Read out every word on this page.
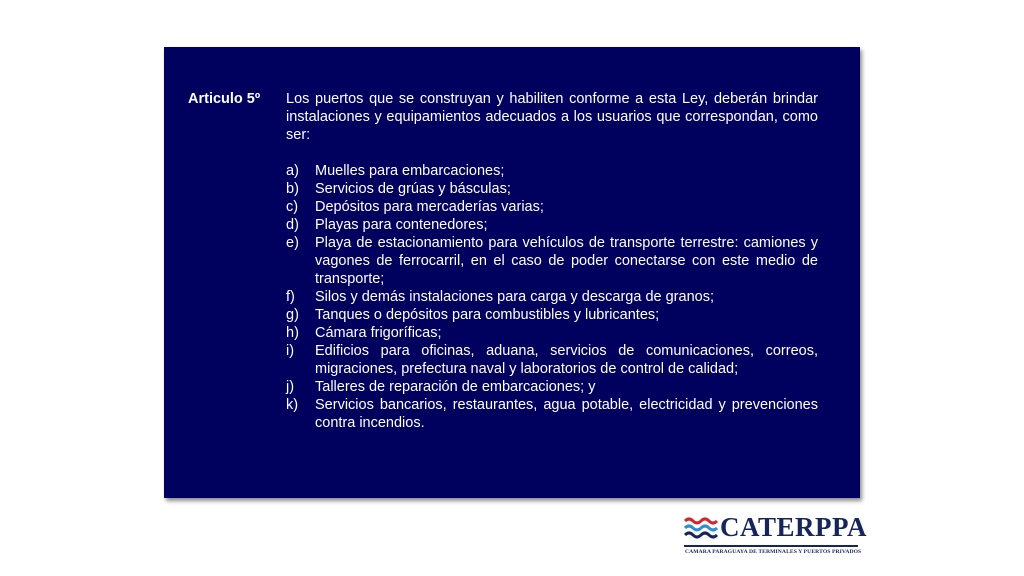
Articulo 5º Los puertos que se construyan y habiliten conforme a esta Ley, deberán brindar instalaciones y equipamientos adecuados a los usuarios que correspondan, como ser:

a)	Muelles para embarcaciones;
b)	Servicios de grúas y básculas;
c)	Depósitos para mercaderías varias;
d)	Playas para contenedores;
e)	Playa de estacionamiento para vehículos de transporte terrestre: camiones y vagones de ferrocarril, en el caso de poder conectarse con este medio de transporte;
f)	Silos y demás instalaciones para carga y descarga de granos;
g)	Tanques o depósitos para combustibles y lubricantes;
h)	Cámara frigoríficas;
i)	Edificios para oficinas, aduana, servicios de comunicaciones, correos, migraciones, prefectura naval y laboratorios de control de calidad;
j)	Talleres de reparación de embarcaciones; y
k)	Servicios bancarios, restaurantes, agua potable, electricidad y prevenciones contra incendios.
CATERPPA
CAMARA PARAGUAYA DE TERMINALES Y PUERTOS PRIVADOS
